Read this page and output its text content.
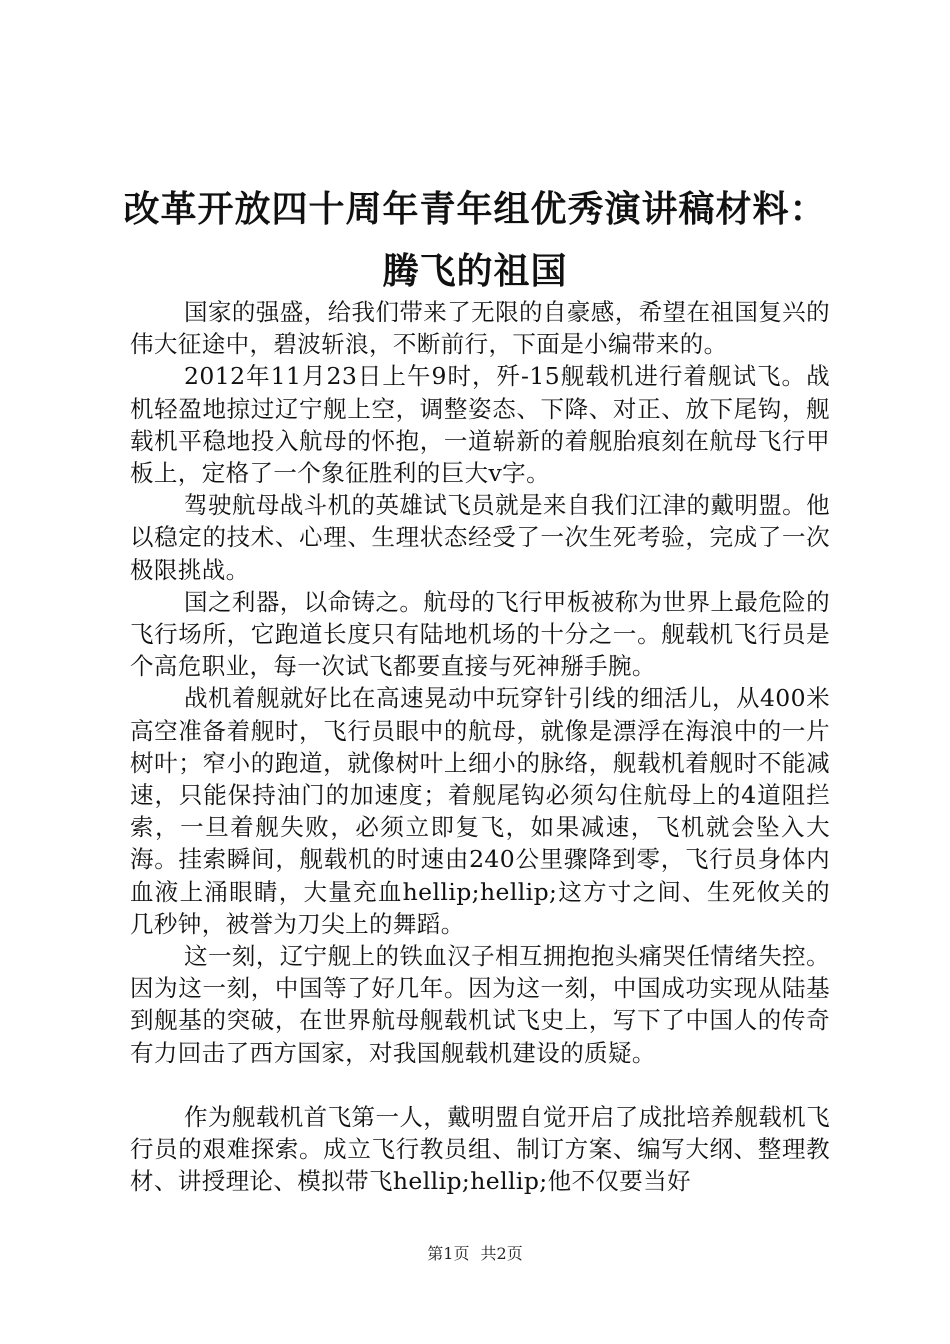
改革开放四十周年青年组优秀演讲稿材料：腾飞的祖国

国家的强盛，给我们带来了无限的自豪感，希望在祖国复兴的伟大征途中，碧波斩浪，不断前行，下面是小编带来的。

2012年11月23日上午9时，歼-15舰载机进行着舰试飞。战机轻盈地掠过辽宁舰上空，调整姿态、下降、对正、放下尾钩，舰载机平稳地投入航母的怀抱，一道崭新的着舰胎痕刻在航母飞行甲板上，定格了一个象征胜利的巨大v字。

驾驶航母战斗机的英雄试飞员就是来自我们江津的戴明盟。他以稳定的技术、心理、生理状态经受了一次生死考验，完成了一次极限挑战。

国之利器，以命铸之。航母的飞行甲板被称为世界上最危险的飞行场所，它跑道长度只有陆地机场的十分之一。舰载机飞行员是个高危职业，每一次试飞都要直接与死神掰手腕。

战机着舰就好比在高速晃动中玩穿针引线的细活儿，从400米高空准备着舰时，飞行员眼中的航母，就像是漂浮在海浪中的一片树叶；窄小的跑道，就像树叶上细小的脉络，舰载机着舰时不能减速，只能保持油门的加速度；着舰尾钩必须勾住航母上的4道阻拦索，一旦着舰失败，必须立即复飞，如果减速，飞机就会坠入大海。挂索瞬间，舰载机的时速由240公里骤降到零，飞行员身体内血液上涌眼睛，大量充血hellip;hellip;这方寸之间、生死攸关的几秒钟，被誉为刀尖上的舞蹈。

这一刻，辽宁舰上的铁血汉子相互拥抱抱头痛哭任情绪失控。因为这一刻，中国等了好几年。因为这一刻，中国成功实现从陆基到舰基的突破，在世界航母舰载机试飞史上，写下了中国人的传奇有力回击了西方国家，对我国舰载机建设的质疑。

作为舰载机首飞第一人，戴明盟自觉开启了成批培养舰载机飞行员的艰难探索。成立飞行教员组、制订方案、编写大纲、整理教材、讲授理论、模拟带飞hellip;hellip;他不仅要当好

第1页 共2页
